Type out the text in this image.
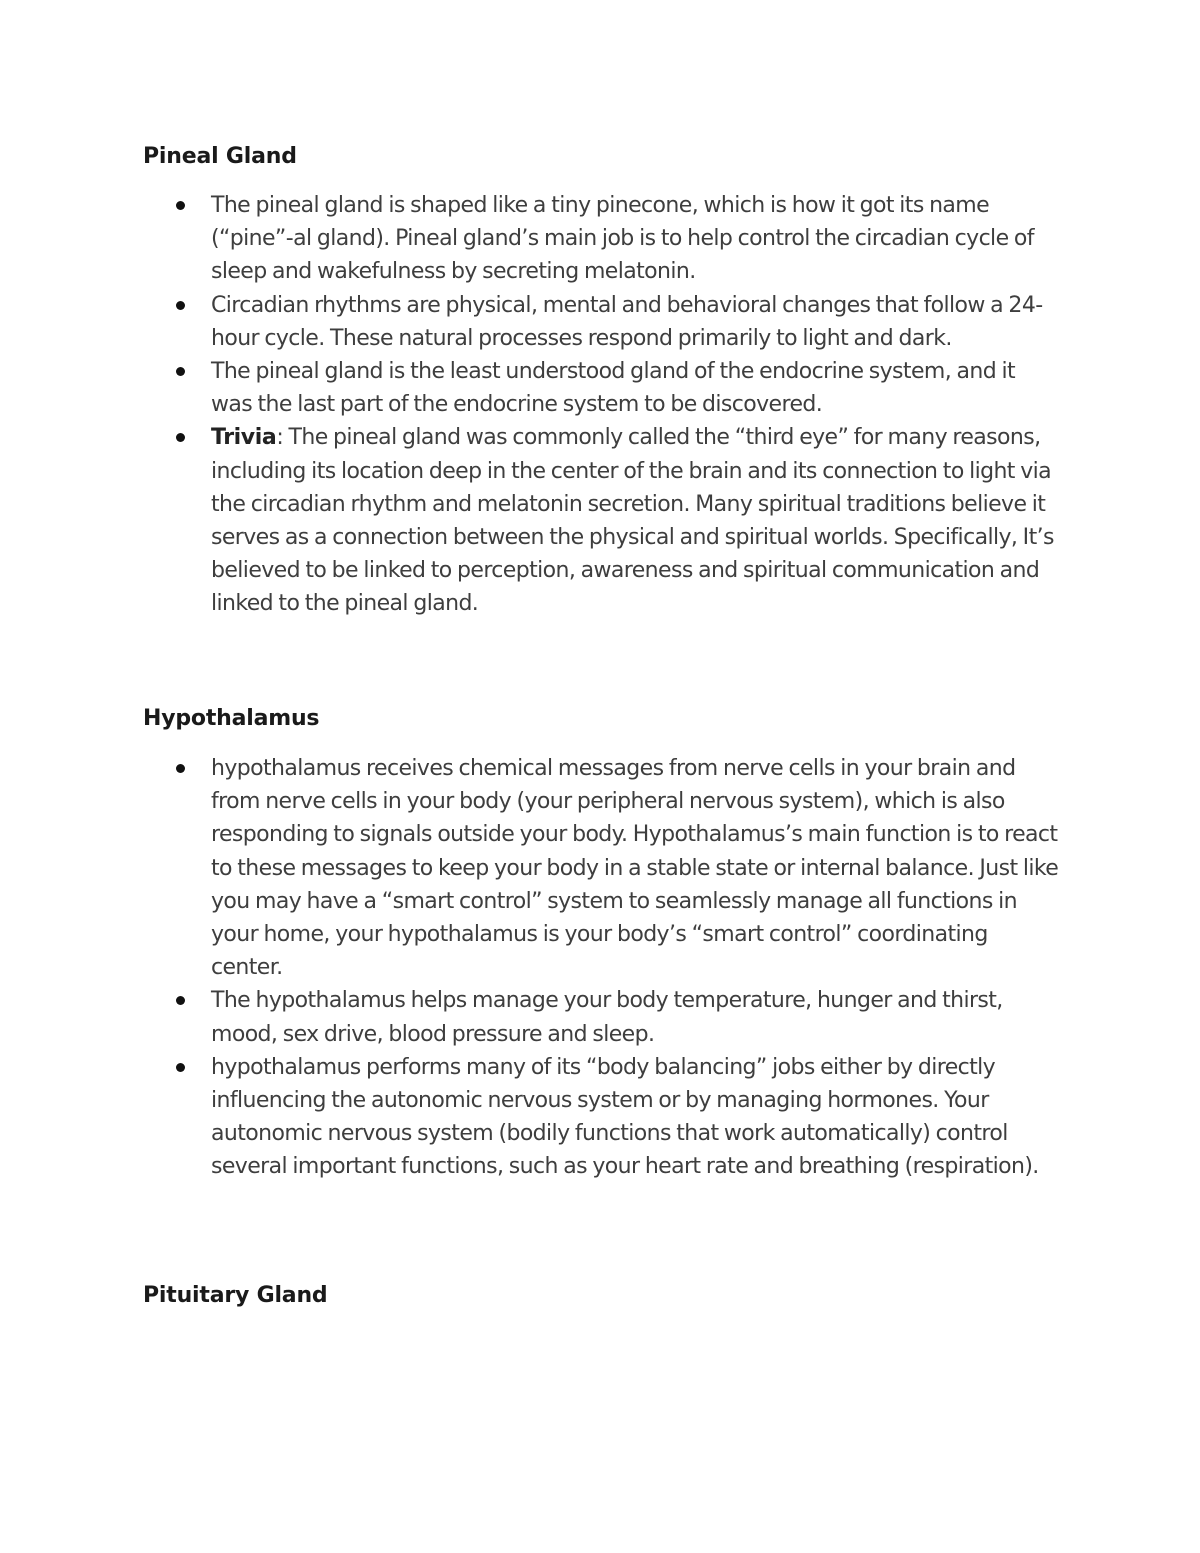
Pineal Gland
The pineal gland is shaped like a tiny pinecone, which is how it got its name (“pine”-al gland). Pineal gland’s main job is to help control the circadian cycle of sleep and wakefulness by secreting melatonin.
Circadian rhythms are physical, mental and behavioral changes that follow a 24-hour cycle. These natural processes respond primarily to light and dark.
The pineal gland is the least understood gland of the endocrine system, and it was the last part of the endocrine system to be discovered.
Trivia: The pineal gland was commonly called the “third eye” for many reasons, including its location deep in the center of the brain and its connection to light via the circadian rhythm and melatonin secretion. Many spiritual traditions believe it serves as a connection between the physical and spiritual worlds. Specifically, It’s believed to be linked to perception, awareness and spiritual communication and linked to the pineal gland.
Hypothalamus
hypothalamus receives chemical messages from nerve cells in your brain and from nerve cells in your body (your peripheral nervous system), which is also responding to signals outside your body. Hypothalamus’s main function is to react to these messages to keep your body in a stable state or internal balance. Just like you may have a “smart control” system to seamlessly manage all functions in your home, your hypothalamus is your body’s “smart control” coordinating center.
The hypothalamus helps manage your body temperature, hunger and thirst, mood, sex drive, blood pressure and sleep.
hypothalamus performs many of its “body balancing” jobs either by directly influencing the autonomic nervous system or by managing hormones. Your autonomic nervous system (bodily functions that work automatically) control several important functions, such as your heart rate and breathing (respiration).
Pituitary Gland
